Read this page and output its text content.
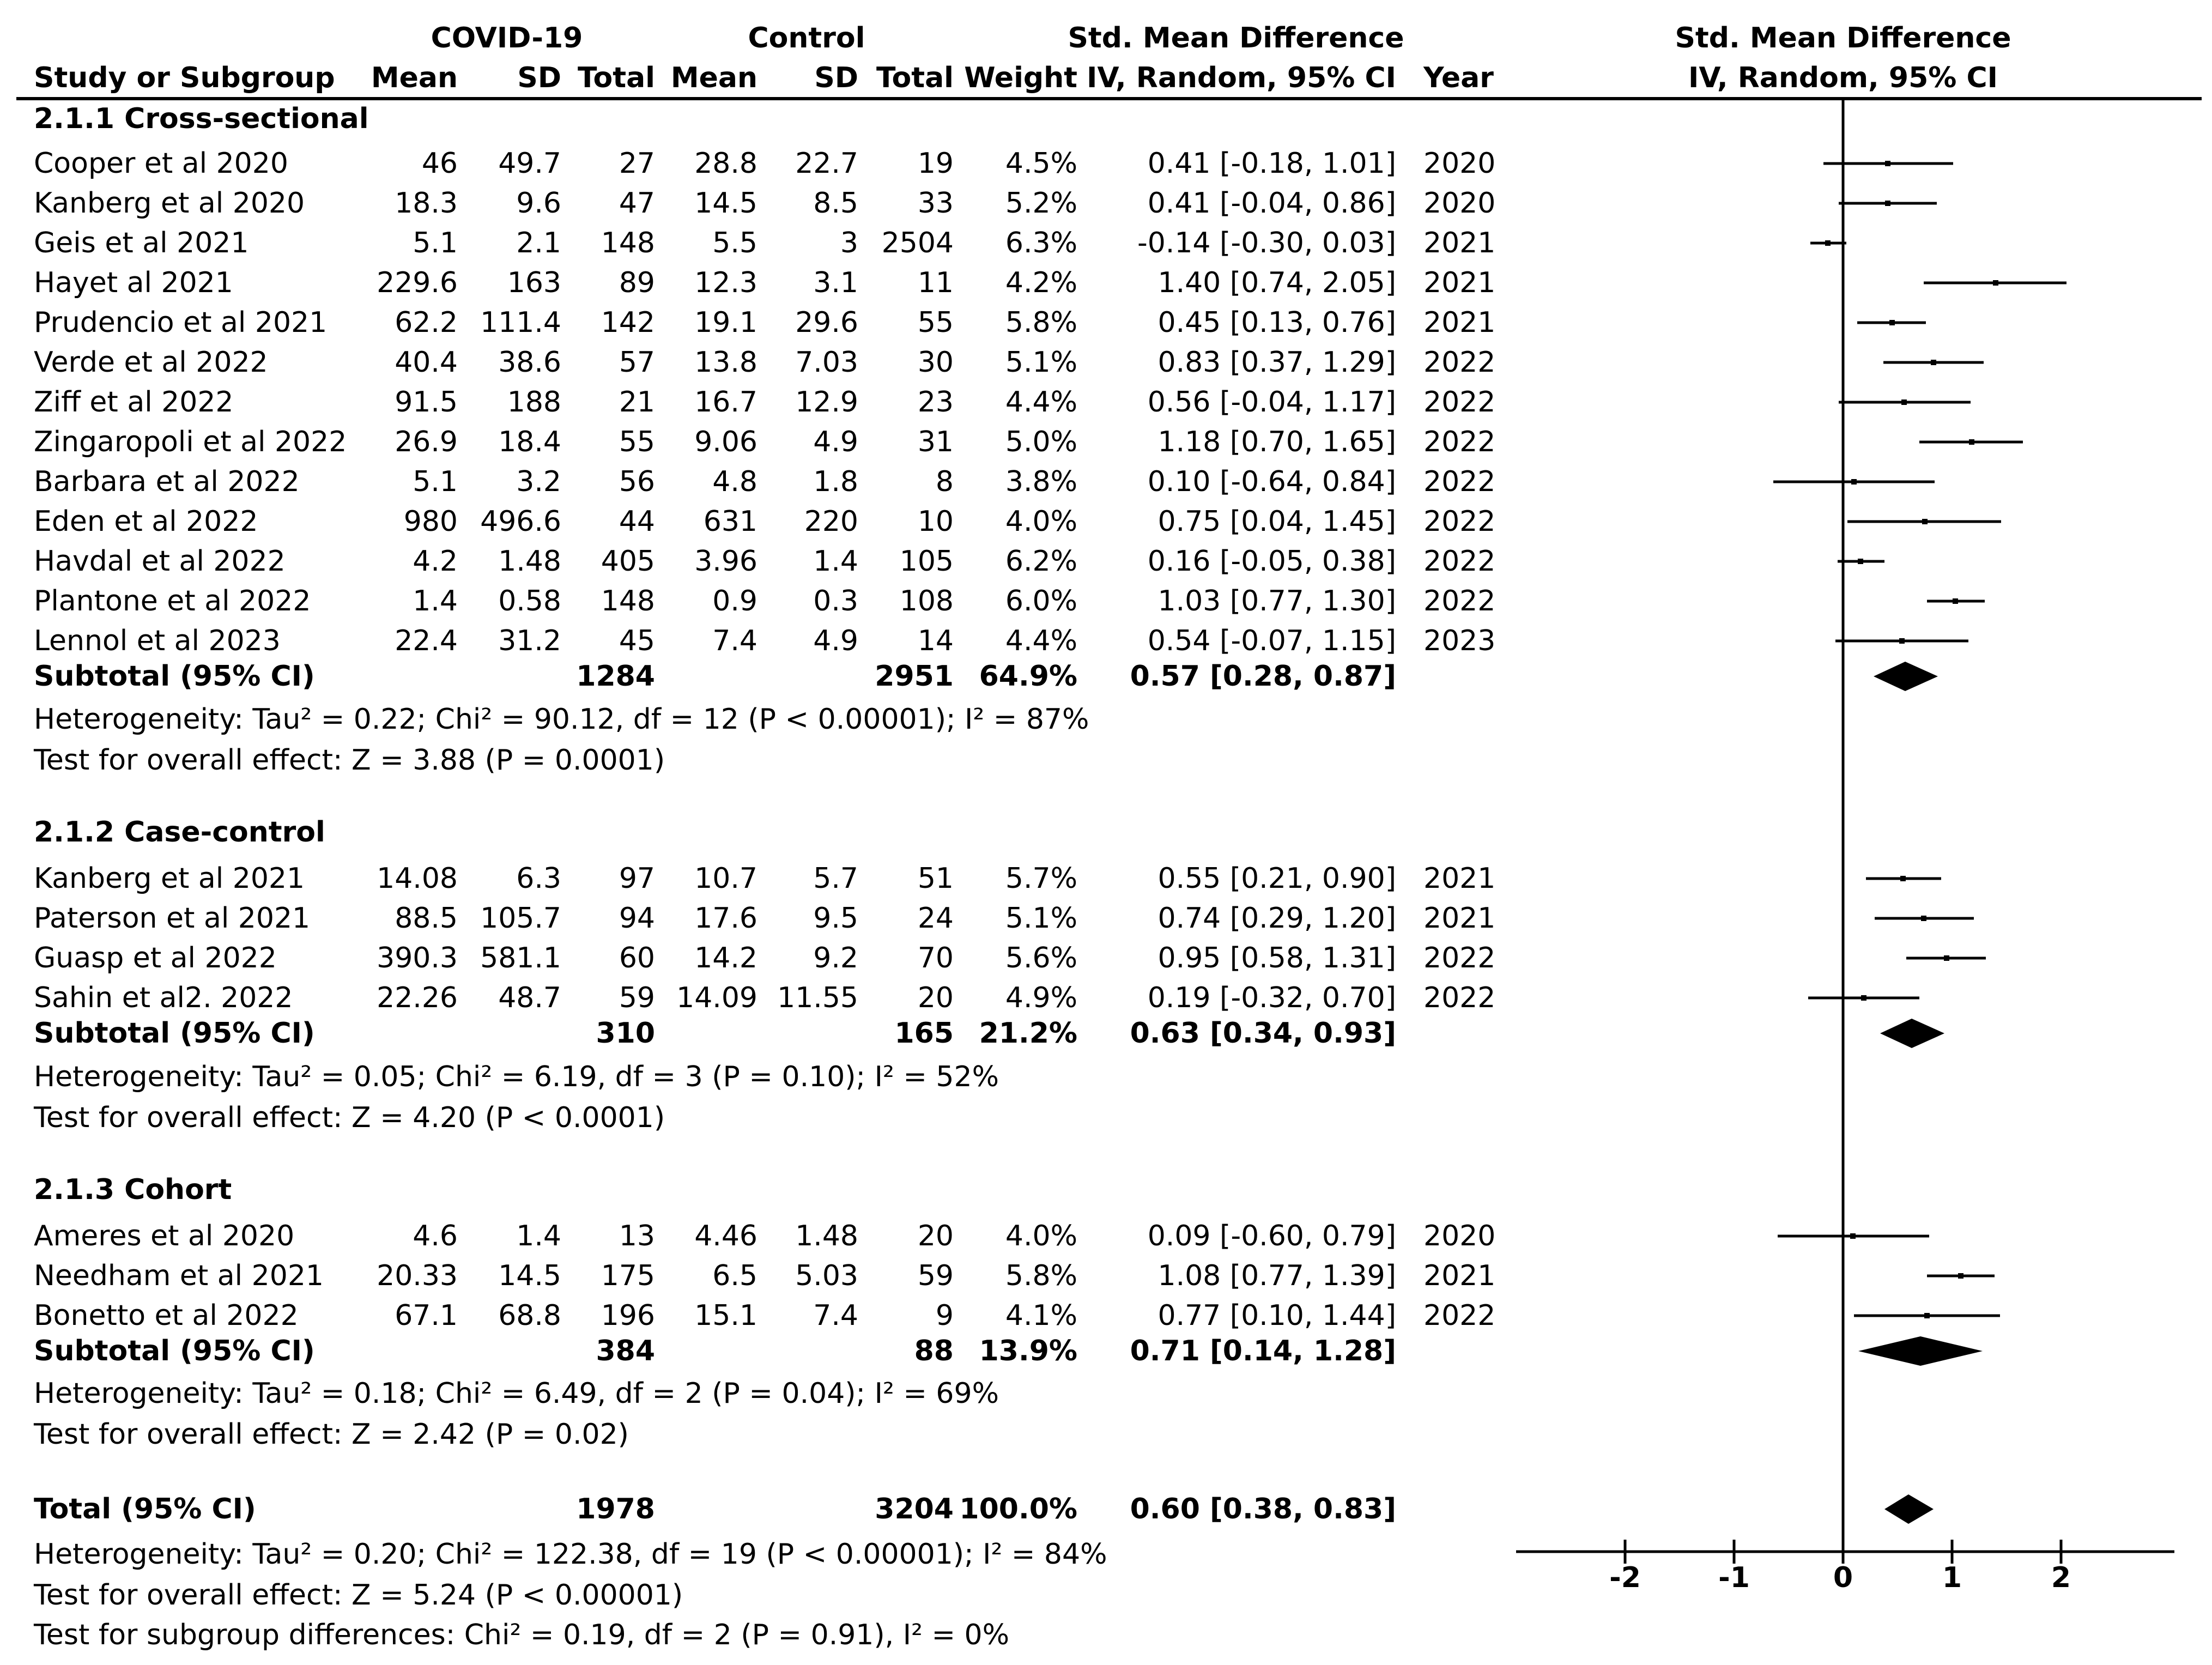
COVID-19	Control	Std. Mean Difference	Std. Mean Difference
Study or Subgroup Mean SD Total Mean SD Total Weight IV, Random, 95% CI Year	IV, Random, 95% CI
2.1.1 Cross-sectional
Cooper et al 2020	46 49.7 27 28.8 22.7 19 4.5% 0.41 [-0.18, 1.01] 2020
Kanberg et al 2020	18.3 9.6 47 14.5 8.5 33 5.2% 0.41 [-0.04, 0.86] 2020
Geis et al 2021	5.1 2.1 148 5.5	3 2504 6.3% -0.14 [-0.30, 0.03] 2021
Hayet al 2021	229.6 163 89 12.3 3.1 11 4.2%	1.40 [0.74, 2.05] 2021
Prudencio et al 2021 62.2 111.4 142 19.1 29.6 55 5.8%	0.45 [0.13, 0.76] 2021
Verde et al 2022	40.4 38.6 57 13.8 7.03 30 5.1%	0.83 [0.37, 1.29] 2022
Ziff et al 2022	91.5 188 21 16.7 12.9 23 4.4% 0.56 [-0.04, 1.17] 2022
Zingaropoli et al 2022 26.9 18.4 55 9.06 4.9 31 5.0%	1.18 [0.70, 1.65] 2022
Barbara et al 2022	5.1 3.2 56 4.8 1.8	8 3.8% 0.10 [-0.64, 0.84] 2022
Eden et al 2022	980 496.6 44 631 220 10 4.0%	0.75 [0.04, 1.45] 2022
Havdal et al 2022	4.2 1.48 405 3.96 1.4 105 6.2% 0.16 [-0.05, 0.38] 2022
Plantone et al 2022	1.4 0.58 148 0.9 0.3 108 6.0%	1.03 [0.77, 1.30] 2022
Lennol et al 2023	22.4 31.2 45 7.4 4.9 14 4.4% 0.54 [-0.07, 1.15] 2023
Subtotal (95% CI)	1284	2951 64.9% 0.57 [0.28, 0.87]
Heterogeneity: Tau² = 0.22; Chi² = 90.12, df = 12 (P < 0.00001); I² = 87%
Test for overall effect: Z = 3.88 (P = 0.0001)
2.1.2 Case-control
Kanberg et al 2021	14.08 6.3 97 10.7 5.7 51 5.7%	0.55 [0.21, 0.90] 2021
Paterson et al 2021	88.5 105.7 94 17.6 9.5 24 5.1%	0.74 [0.29, 1.20] 2021
Guasp et al 2022	390.3 581.1 60 14.2 9.2 70 5.6%	0.95 [0.58, 1.31] 2022
Sahin et al2. 2022	22.26 48.7 59 14.09 11.55 20 4.9% 0.19 [-0.32, 0.70] 2022
Subtotal (95% CI)	310	165 21.2% 0.63 [0.34, 0.93]
Heterogeneity: Tau² = 0.05; Chi² = 6.19, df = 3 (P = 0.10); I² = 52%
Test for overall effect: Z = 4.20 (P < 0.0001)
2.1.3 Cohort
Ameres et al 2020	4.6 1.4 13 4.46 1.48 20 4.0% 0.09 [-0.60, 0.79] 2020
Needham et al 2021 20.33 14.5 175 6.5 5.03 59 5.8%	1.08 [0.77, 1.39] 2021
Bonetto et al 2022	67.1 68.8 196 15.1 7.4	9 4.1%	0.77 [0.10, 1.44] 2022
Subtotal (95% CI)	384	88 13.9% 0.71 [0.14, 1.28]
Heterogeneity: Tau² = 0.18; Chi² = 6.49, df = 2 (P = 0.04); I² = 69%
Test for overall effect: Z = 2.42 (P = 0.02)
Total (95% CI)	1978	3204 100.0% 0.60 [0.38, 0.83]
Heterogeneity: Tau² = 0.20; Chi² = 122.38, df = 19 (P < 0.00001); I² = 84%
Test for overall effect: Z = 5.24 (P < 0.00001)
Test for subgroup differences: Chi² = 0.19, df = 2 (P = 0.91), I² = 0%
-2	-1	0	1	2
